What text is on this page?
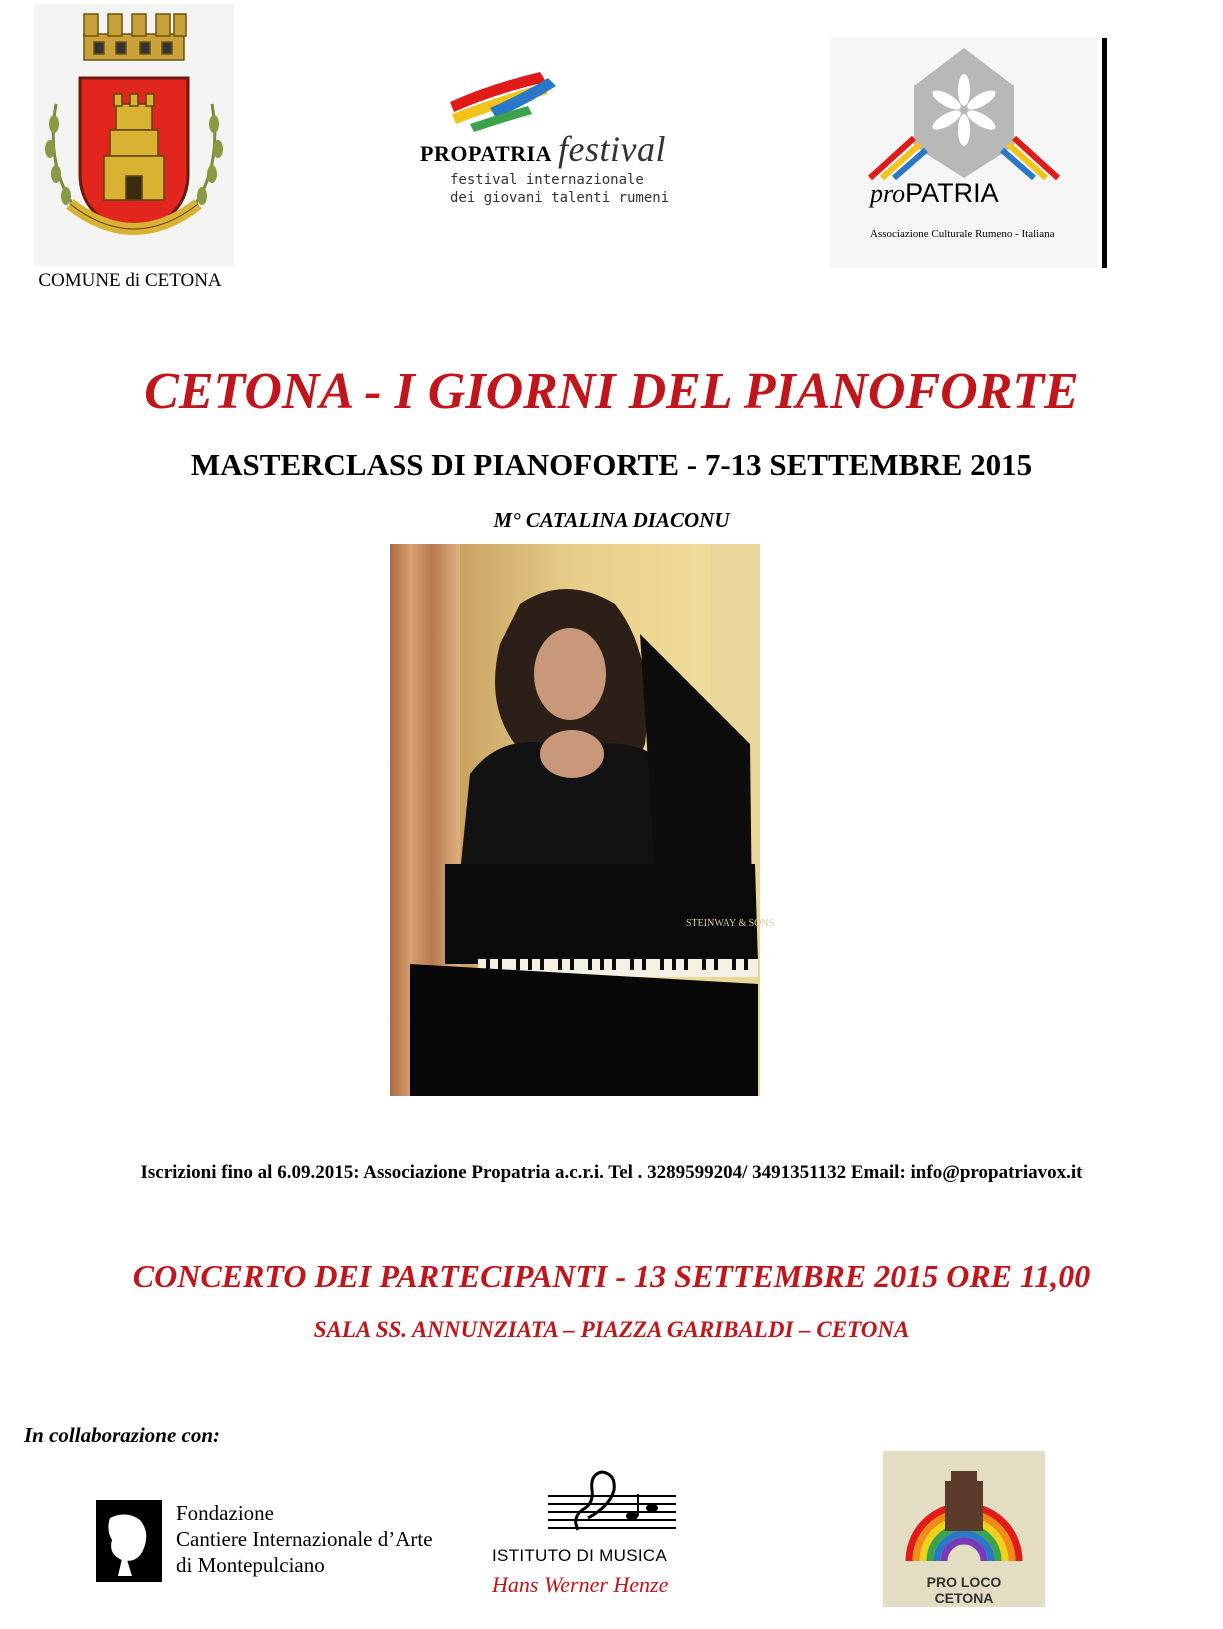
COMUNE di CETONA
PROPATRIA festival
festival internazionale
dei giovani talenti rumeni	proPATRIA
Associazione Culturale Rumeno - Italiana
CETONA - I GIORNI DEL PIANOFORTE
MASTERCLASS DI PIANOFORTE - 7-13 SETTEMBRE 2015
M° CATALINA DIACONU
STEINWAY & SONS
Iscrizioni fino al 6.09.2015: Associazione Propatria a.c.r.i. Tel . 3289599204/ 3491351132 Email: info@propatriavox.it
CONCERTO DEI PARTECIPANTI - 13 SETTEMBRE 2015 ORE 11,00
SALA SS. ANNUNZIATA – PIAZZA GARIBALDI – CETONA
In collaborazione con:
Fondazione
Cantiere Internazionale d’Arte
di Montepulciano	ISTITUTO DI MUSICA
Hans Werner Henze	PRO LOCO
CETONA
